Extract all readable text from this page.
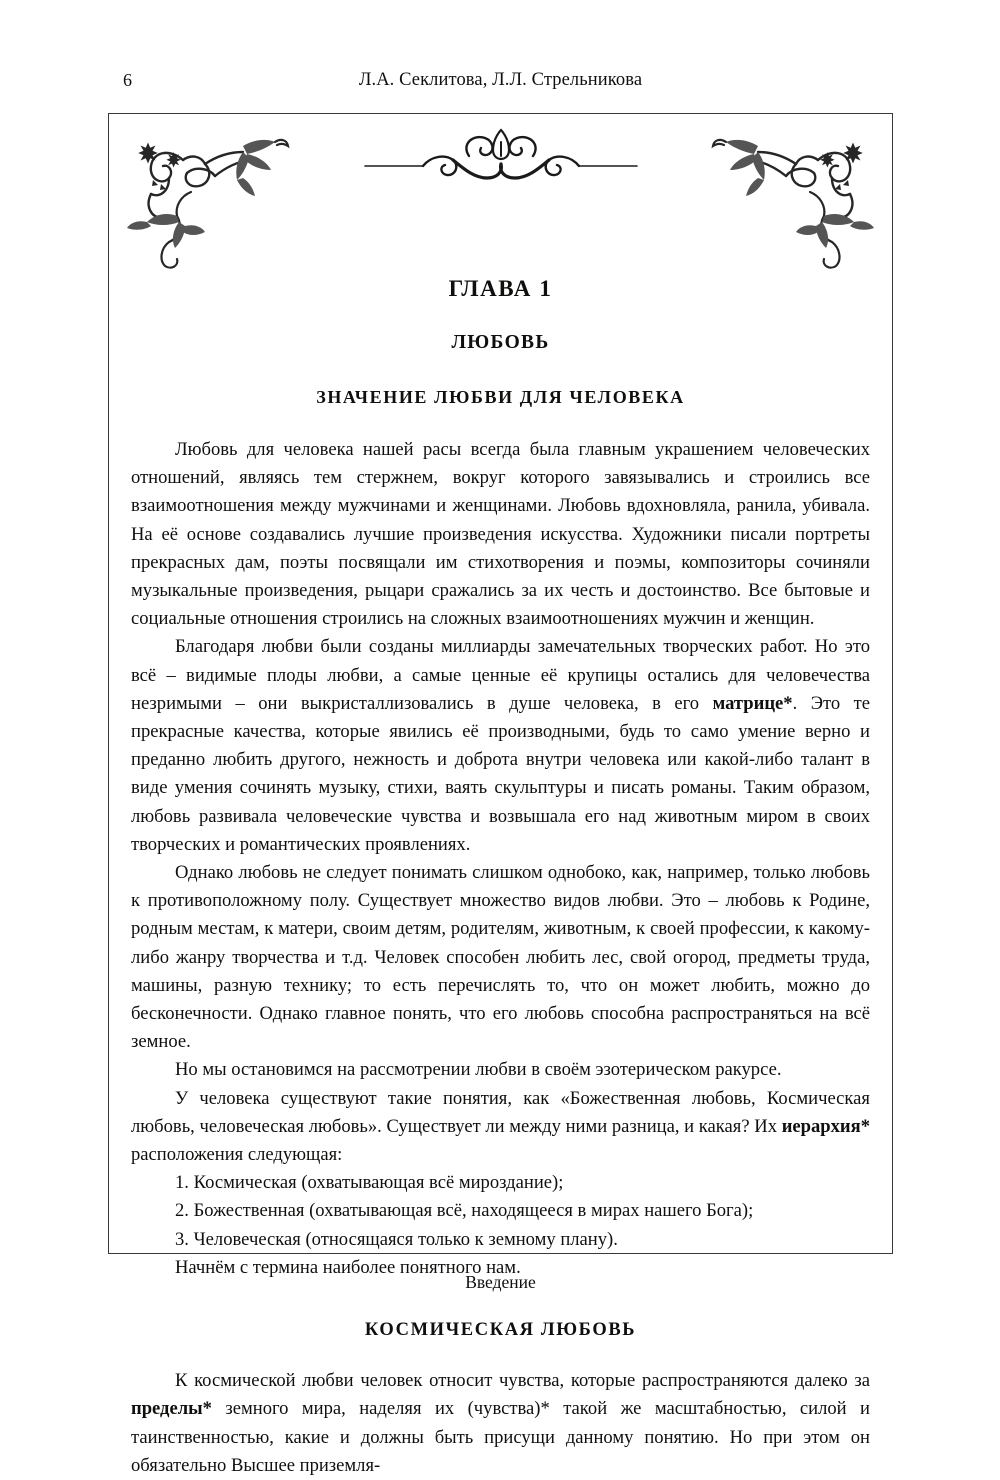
6	Л.А. Секлитова, Л.Л. Стрельникова
ГЛАВА 1
ЛЮБОВЬ
ЗНАЧЕНИЕ ЛЮБВИ ДЛЯ ЧЕЛОВЕКА

Любовь для человека нашей расы всегда была главным украшением человеческих отношений, являясь тем стержнем, вокруг которого завязывались и строились все взаимоотношения между мужчинами и женщинами. Любовь вдохновляла, ранила, убивала. На её основе создавались лучшие произведения искусства. Художники писали портреты прекрасных дам, поэты посвящали им стихотворения и поэмы, композиторы сочиняли музыкальные произведения, рыцари сражались за их честь и достоинство. Все бытовые и социальные отношения строились на сложных взаимоотношениях мужчин и женщин.

Благодаря любви были созданы миллиарды замечательных творческих работ. Но это всё – видимые плоды любви, а самые ценные её крупицы остались для человечества незримыми – они выкристаллизовались в душе человека, в его матрице*. Это те прекрасные качества, которые явились её производными, будь то само умение верно и преданно любить другого, нежность и доброта внутри человека или какой-либо талант в виде умения сочинять музыку, стихи, ваять скульптуры и писать романы. Таким образом, любовь развивала человеческие чувства и возвышала его над животным миром в своих творческих и романтических проявлениях.

Однако любовь не следует понимать слишком однобоко, как, например, только любовь к противоположному полу. Существует множество видов любви. Это – любовь к Родине, родным местам, к матери, своим детям, родителям, животным, к своей профессии, к какому-либо жанру творчества и т.д. Человек способен любить лес, свой огород, предметы труда, машины, разную технику; то есть перечислять то, что он может любить, можно до бесконечности. Однако главное понять, что его любовь способна распространяться на всё земное.

Но мы остановимся на рассмотрении любви в своём эзотерическом ракурсе.

У человека существуют такие понятия, как «Божественная любовь, Космическая любовь, человеческая любовь». Существует ли между ними разница, и какая? Их иерархия* расположения следующая:

1. Космическая (охватывающая всё мироздание);

2. Божественная (охватывающая всё, находящееся в мирах нашего Бога);

3. Человеческая (относящаяся только к земному плану).

Начнём с термина наиболее понятного нам.

КОСМИЧЕСКАЯ ЛЮБОВЬ

К космической любви человек относит чувства, которые распространяются далеко за пределы* земного мира, наделяя их (чувства)* такой же масштабностью, силой и таинственностью, какие и должны быть присущи данному понятию. Но при этом он обязательно Высшее приземля-

Введение
